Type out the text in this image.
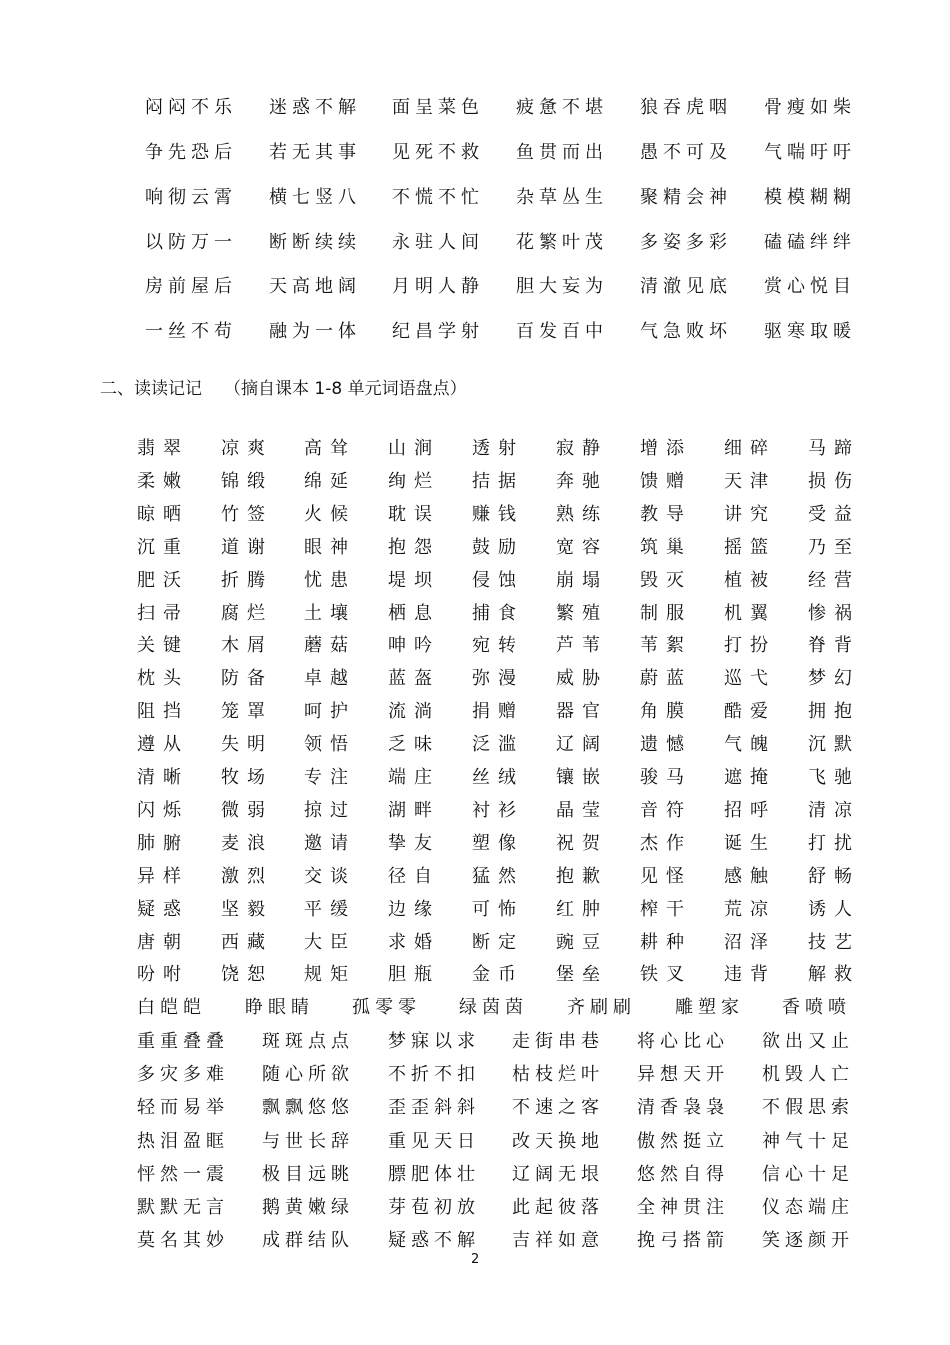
闷闷不乐 迷惑不解 面呈菜色 疲惫不堪 狼吞虎咽 骨瘦如柴
争先恐后 若无其事 见死不救 鱼贯而出 愚不可及 气喘吁吁
响彻云霄 横七竖八 不慌不忙 杂草丛生 聚精会神 模模糊糊
以防万一 断断续续 永驻人间 花繁叶茂 多姿多彩 磕磕绊绊
房前屋后 天高地阔 月明人静 胆大妄为 清澈见底 赏心悦目
一丝不苟 融为一体 纪昌学射 百发百中 气急败坏 驱寒取暖
二、读读记记 （摘自课本 1-8 单元词语盘点）
翡翠 凉爽 高耸 山涧 透射 寂静 增添 细碎 马蹄
柔嫩 锦缎 绵延 绚烂 拮据 奔驰 馈赠 天津 损伤
晾晒 竹签 火候 耽误 赚钱 熟练 教导 讲究 受益
沉重 道谢 眼神 抱怨 鼓励 宽容 筑巢 摇篮 乃至
肥沃 折腾 忧患 堤坝 侵蚀 崩塌 毁灭 植被 经营
扫帚 腐烂 土壤 栖息 捕食 繁殖 制服 机翼 惨祸
关键 木屑 蘑菇 呻吟 宛转 芦苇 苇絮 打扮 脊背
枕头 防备 卓越 蓝盔 弥漫 威胁 蔚蓝 巡弋 梦幻
阻挡 笼罩 呵护 流淌 捐赠 器官 角膜 酷爱 拥抱
遵从 失明 领悟 乏味 泛滥 辽阔 遗憾 气魄 沉默
清晰 牧场 专注 端庄 丝绒 镶嵌 骏马 遮掩 飞驰
闪烁 微弱 掠过 湖畔 衬衫 晶莹 音符 招呼 清凉
肺腑 麦浪 邀请 挚友 塑像 祝贺 杰作 诞生 打扰
异样 激烈 交谈 径自 猛然 抱歉 见怪 感触 舒畅
疑惑 坚毅 平缓 边缘 可怖 红肿 榨干 荒凉 诱人
唐朝 西藏 大臣 求婚 断定 豌豆 耕种 沼泽 技艺
吩咐 饶恕 规矩 胆瓶 金币 堡垒 铁叉 违背 解救
白皑皑 睁眼睛 孤零零 绿茵茵 齐刷刷 雕塑家 香喷喷
重重叠叠 斑斑点点 梦寐以求 走街串巷 将心比心 欲出又止
多灾多难 随心所欲 不折不扣 枯枝烂叶 异想天开 机毁人亡
轻而易举 飘飘悠悠 歪歪斜斜 不速之客 清香袅袅 不假思索
热泪盈眶 与世长辞 重见天日 改天换地 傲然挺立 神气十足
怦然一震 极目远眺 膘肥体壮 辽阔无垠 悠然自得 信心十足
默默无言 鹅黄嫩绿 芽苞初放 此起彼落 全神贯注 仪态端庄
莫名其妙 成群结队 疑惑不解 吉祥如意 挽弓搭箭 笑逐颜开
2
